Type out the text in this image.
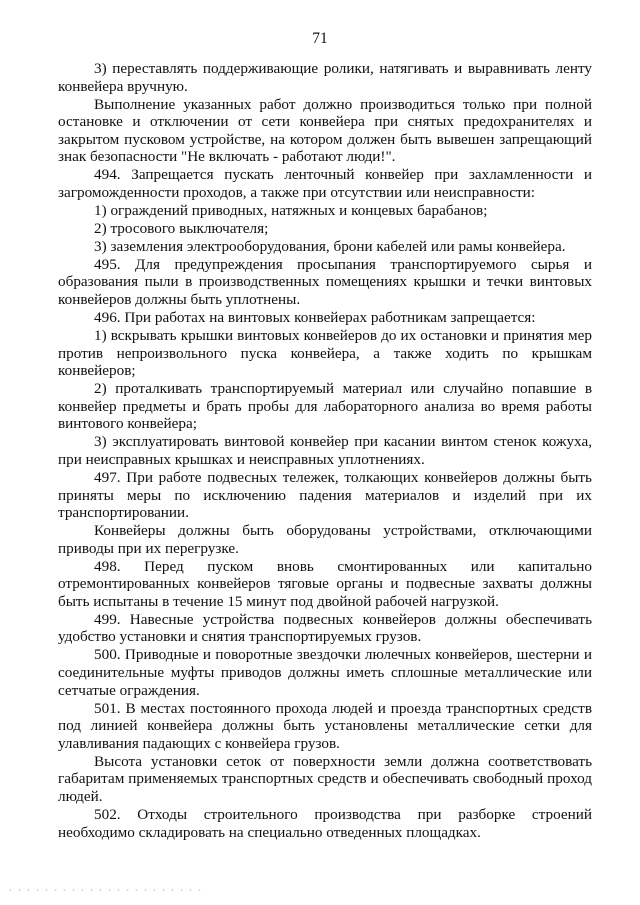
71

3) переставлять поддерживающие ролики, натягивать и выравнивать ленту конвейера вручную.

Выполнение указанных работ должно производиться только при полной остановке и отключении от сети конвейера при снятых предохранителях и закрытом пусковом устройстве, на котором должен быть вывешен запрещающий знак безопасности "Не включать - работают люди!".

494. Запрещается пускать ленточный конвейер при захламленности и загроможденности проходов, а также при отсутствии или неисправности:

1) ограждений приводных, натяжных и концевых барабанов;

2) тросового выключателя;

3) заземления электрооборудования, брони кабелей или рамы конвейера.

495. Для предупреждения просыпания транспортируемого сырья и образования пыли в производственных помещениях крышки и течки винтовых конвейеров должны быть уплотнены.

496. При работах на винтовых конвейерах работникам запрещается:

1) вскрывать крышки винтовых конвейеров до их остановки и принятия мер против непроизвольного пуска конвейера, а также ходить по крышкам конвейеров;

2) проталкивать транспортируемый материал или случайно попавшие в конвейер предметы и брать пробы для лабораторного анализа во время работы винтового конвейера;

3) эксплуатировать винтовой конвейер при касании винтом стенок кожуха, при неисправных крышках и неисправных уплотнениях.

497. При работе подвесных тележек, толкающих конвейеров должны быть приняты меры по исключению падения материалов и изделий при их транспортировании.

Конвейеры должны быть оборудованы устройствами, отключающими приводы при их перегрузке.

498. Перед пуском вновь смонтированных или капитально отремонтированных конвейеров тяговые органы и подвесные захваты должны быть испытаны в течение 15 минут под двойной рабочей нагрузкой.

499. Навесные устройства подвесных конвейеров должны обеспечивать удобство установки и снятия транспортируемых грузов.

500. Приводные и поворотные звездочки люлечных конвейеров, шестерни и соединительные муфты приводов должны иметь сплошные металлические или сетчатые ограждения.

501. В местах постоянного прохода людей и проезда транспортных средств под линией конвейера должны быть установлены металлические сетки для улавливания падающих с конвейера грузов.

Высота установки сеток от поверхности земли должна соответствовать габаритам применяемых транспортных средств и обеспечивать свободный проход людей.

502. Отходы строительного производства при разборке строений необходимо складировать на специально отведенных площадках.
